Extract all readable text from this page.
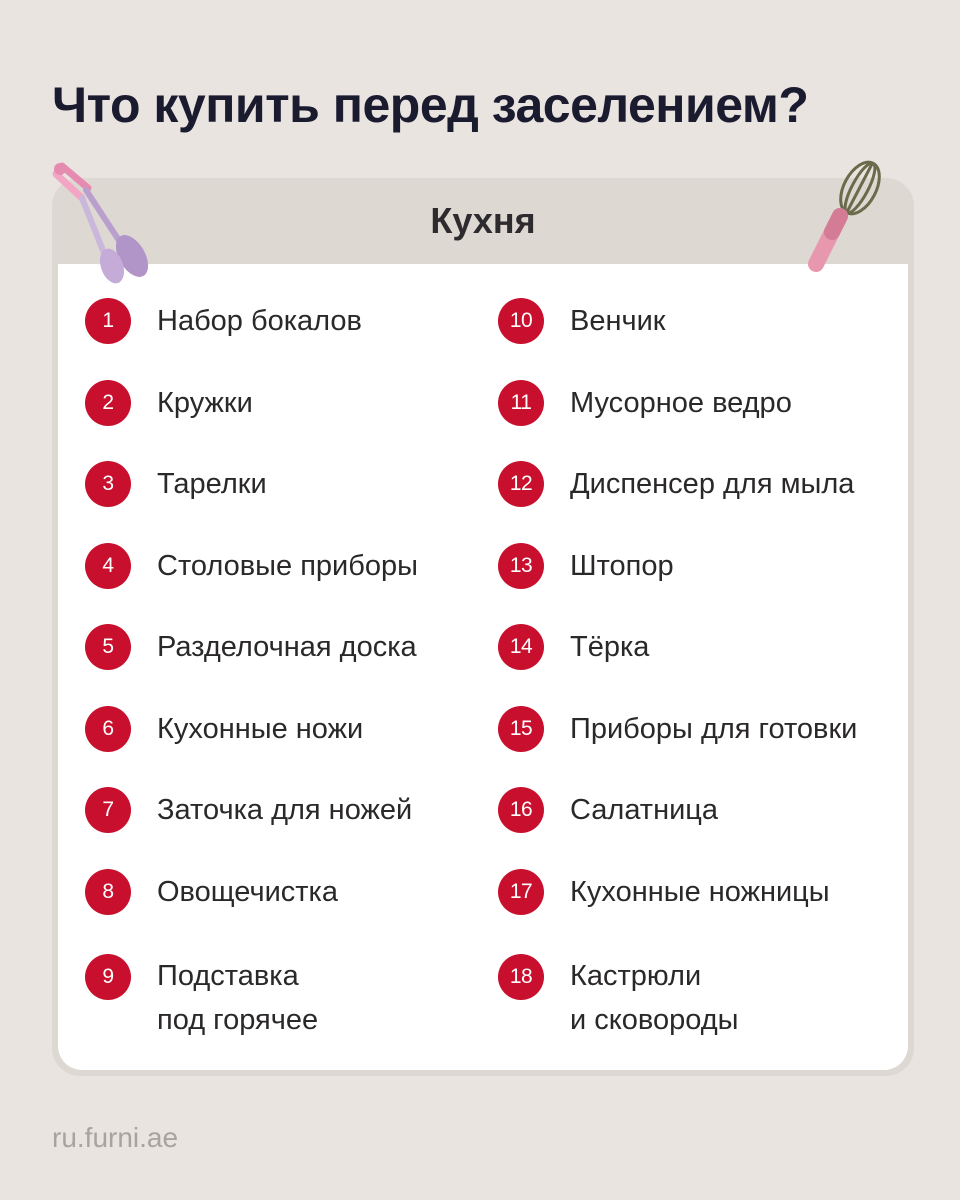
Что купить перед заселением?
Кухня
1	Набор бокалов
2	Кружки
3	Тарелки
4	Столовые приборы
5	Разделочная доска
6	Кухонные ножи
7	Заточка для ножей
8	Овощечистка
9	Подставка
под горячее
10	Венчик
11	Мусорное ведро
12	Диспенсер для мыла
13	Штопор
14	Тёрка
15	Приборы для готовки
16	Салатница
17	Кухонные ножницы
18	Кастрюли
и сковороды
ru.furni.ae
